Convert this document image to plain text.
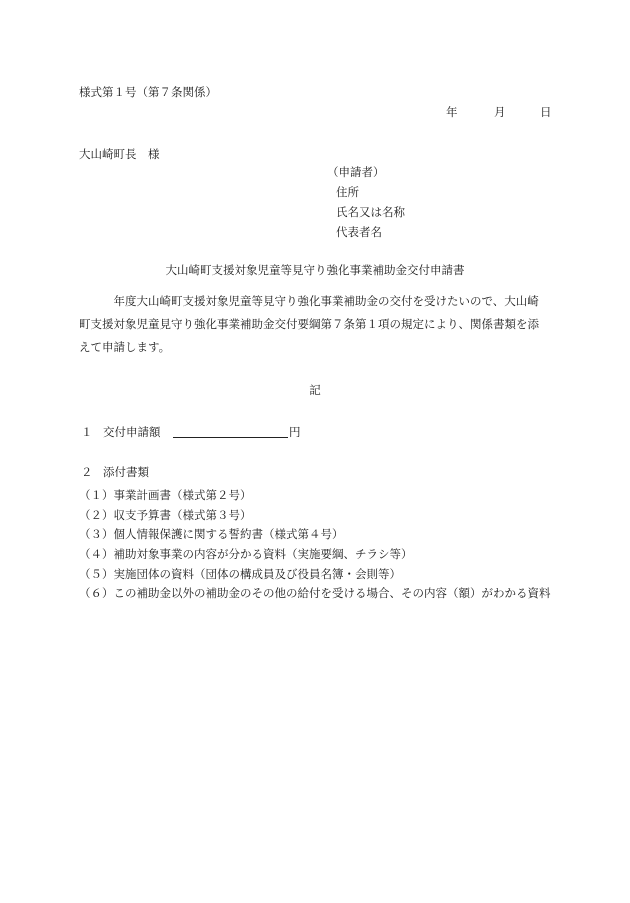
様式第１号（第７条関係）
年	月	日
大山崎町長　様
（申請者）
住所
氏名又は名称
代表者名
大山崎町支援対象児童等見守り強化事業補助金交付申請書
　　　年度大山崎町支援対象児童等見守り強化事業補助金の交付を受けたいので、大山崎
町支援対象児童見守り強化事業補助金交付要綱第７条第１項の規定により、関係書類を添
えて申請します。
記
１ 交付申請額	円
２ 添付書類
（１）事業計画書（様式第２号）
（２）収支予算書（様式第３号）
（３）個人情報保護に関する誓約書（様式第４号）
（４）補助対象事業の内容が分かる資料（実施要綱、チラシ等）
（５）実施団体の資料（団体の構成員及び役員名簿・会則等）
（６）この補助金以外の補助金のその他の給付を受ける場合、その内容（額）がわかる資料
